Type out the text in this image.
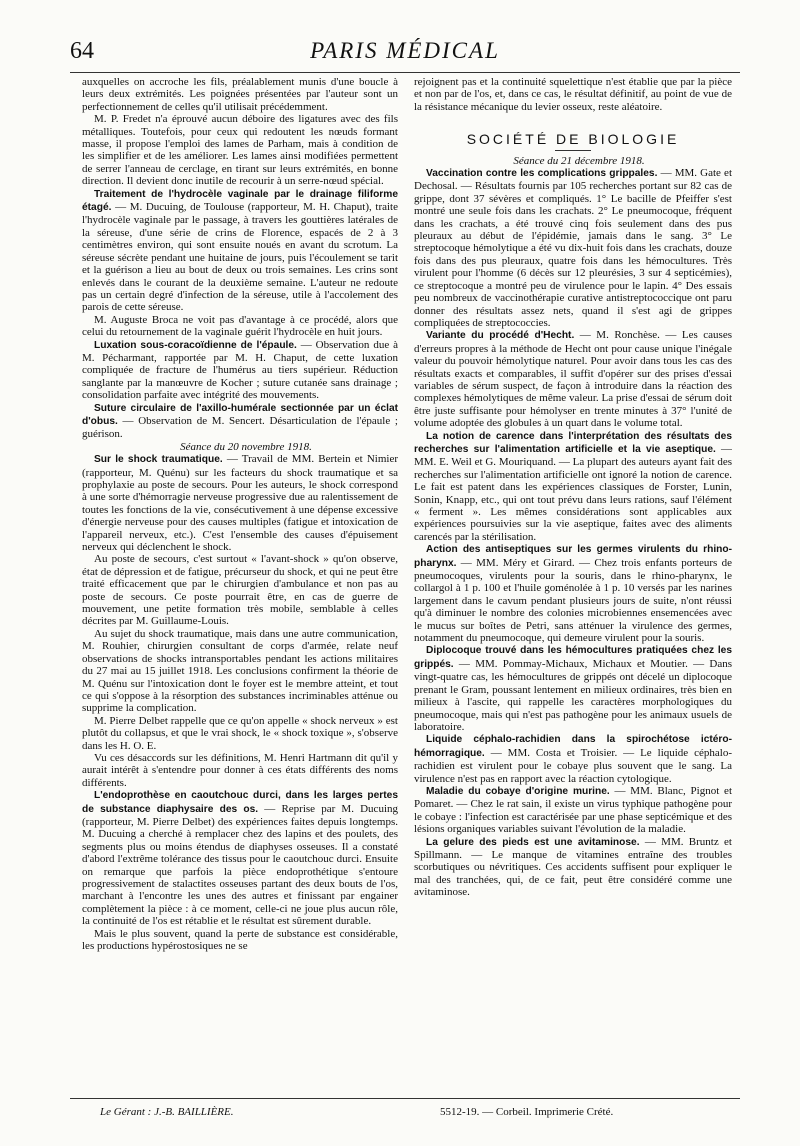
64	PARIS MÉDICAL

auxquelles on accroche les fils, préalablement munis d'une boucle à leurs deux extrémités. Les poignées présentées par l'auteur sont un perfectionnement de celles qu'il utilisait précédemment.

M. P. Fredet n'a éprouvé aucun déboire des ligatures avec des fils métalliques. Toutefois, pour ceux qui redoutent les nœuds formant masse, il propose l'emploi des lames de Parham, mais à condition de les simplifier et de les améliorer. Les lames ainsi modifiées permettent de serrer l'anneau de cerclage, en tirant sur leurs extrémités, en bonne direction. Il devient donc inutile de recourir à un serre-nœud spécial.

Traitement de l'hydrocèle vaginale par le drainage filiforme étagé. — M. Ducuing, de Toulouse (rapporteur, M. H. Chaput), traite l'hydrocèle vaginale par le passage, à travers les gouttières latérales de la séreuse, d'une série de crins de Florence, espacés de 2 à 3 centimètres environ, qui sont ensuite noués en avant du scrotum. La séreuse sécrète pendant une huitaine de jours, puis l'écoulement se tarit et la guérison a lieu au bout de deux ou trois semaines. Les crins sont enlevés dans le courant de la deuxième semaine. L'auteur ne redoute pas un certain degré d'infection de la séreuse, utile à l'accolement des parois de cette séreuse.

M. Auguste Broca ne voit pas d'avantage à ce procédé, alors que celui du retournement de la vaginale guérit l'hydrocèle en huit jours.

Luxation sous-coracoïdienne de l'épaule. — Observation due à M. Pécharmant, rapportée par M. H. Chaput, de cette luxation compliquée de fracture de l'humérus au tiers supérieur. Réduction sanglante par la manœuvre de Kocher ; suture cutanée sans drainage ; consolidation parfaite avec intégrité des mouvements.

Suture circulaire de l'axillo-humérale sectionnée par un éclat d'obus. — Observation de M. Sencert. Désarticulation de l'épaule ; guérison.

Séance du 20 novembre 1918.

Sur le shock traumatique. — Travail de MM. Bertein et Nimier (rapporteur, M. Quénu) sur les facteurs du shock traumatique et sa prophylaxie au poste de secours. Pour les auteurs, le shock correspond à une sorte d'hémorragie nerveuse progressive due au ralentissement de toutes les fonctions de la vie, consécutivement à une dépense excessive d'énergie nerveuse pour des causes multiples (fatigue et intoxication de l'appareil nerveux, etc.). C'est l'ensemble des causes d'épuisement nerveux qui déclenchent le shock.

Au poste de secours, c'est surtout « l'avant-shock » qu'on observe, état de dépression et de fatigue, précurseur du shock, et qui ne peut être traité efficacement que par le chirurgien d'ambulance et non pas au poste de secours. Ce poste pourrait être, en cas de guerre de mouvement, une petite formation très mobile, semblable à celles décrites par M. Guillaume-Louis.

Au sujet du shock traumatique, mais dans une autre communication, M. Rouhier, chirurgien consultant de corps d'armée, relate neuf observations de shocks intransportables pendant les actions militaires du 27 mai au 15 juillet 1918. Les conclusions confirment la théorie de M. Quénu sur l'intoxication dont le foyer est le membre atteint, et tout ce qui s'oppose à la résorption des substances incriminables atténue ou supprime la complication.

M. Pierre Delbet rappelle que ce qu'on appelle « shock nerveux » est plutôt du collapsus, et que le vrai shock, le « shock toxique », s'observe dans les H. O. E.

Vu ces désaccords sur les définitions, M. Henri Hartmann dit qu'il y aurait intérêt à s'entendre pour donner à ces états différents des noms différents.

L'endoprothèse en caoutchouc durci, dans les larges pertes de substance diaphysaire des os. — Reprise par M. Ducuing (rapporteur, M. Pierre Delbet) des expériences faites depuis longtemps. M. Ducuing a cherché à remplacer chez des lapins et des poulets, des segments plus ou moins étendus de diaphyses osseuses. Il a constaté d'abord l'extrême tolérance des tissus pour le caoutchouc durci. Ensuite on remarque que parfois la pièce endoprothétique s'entoure progressivement de stalactites osseuses partant des deux bouts de l'os, marchant à l'encontre les unes des autres et finissant par engainer complètement la pièce : à ce moment, celle-ci ne joue plus aucun rôle, la continuité de l'os est rétablie et le résultat est sûrement durable.

Mais le plus souvent, quand la perte de substance est considérable, les productions hypérostosiques ne se

rejoignent pas et la continuité squelettique n'est établie que par la pièce et non par de l'os, et, dans ce cas, le résultat définitif, au point de vue de la résistance mécanique du levier osseux, reste aléatoire.

SOCIÉTÉ DE BIOLOGIE

Séance du 21 décembre 1918.

Vaccination contre les complications grippales. — MM. Gate et Dechosal. — Résultats fournis par 105 recherches portant sur 82 cas de grippe, dont 37 sévères et compliqués. 1° Le bacille de Pfeiffer s'est montré une seule fois dans les crachats. 2° Le pneumocoque, fréquent dans les crachats, a été trouvé cinq fois seulement dans des pus pleuraux au début de l'épidémie, jamais dans le sang. 3° Le streptocoque hémolytique a été vu dix-huit fois dans les crachats, douze fois dans des pus pleuraux, quatre fois dans les hémocultures. Très virulent pour l'homme (6 décès sur 12 pleurésies, 3 sur 4 septicémies), ce streptocoque a montré peu de virulence pour le lapin. 4° Des essais peu nombreux de vaccinothérapie curative antistreptococcique ont paru donner des résultats assez nets, quand il s'est agi de grippes compliquées de streptococcies.

Variante du procédé d'Hecht. — M. Ronchèse. — Les causes d'erreurs propres à la méthode de Hecht ont pour cause unique l'inégale valeur du pouvoir hémolytique naturel. Pour avoir dans tous les cas des résultats exacts et comparables, il suffit d'opérer sur des prises d'essai variables de sérum suspect, de façon à introduire dans la réaction des complexes hémolytiques de même valeur. La prise d'essai de sérum doit être juste suffisante pour hémolyser en trente minutes à 37° l'unité de volume adoptée des globules à un quart dans le volume total.

La notion de carence dans l'interprétation des résultats des recherches sur l'alimentation artificielle et la vie aseptique. — MM. E. Weil et G. Mouriquand. — La plupart des auteurs ayant fait des recherches sur l'alimentation artificielle ont ignoré la notion de carence. Le fait est patent dans les expériences classiques de Forster, Lunin, Sonin, Knapp, etc., qui ont tout prévu dans leurs rations, sauf l'élément « ferment ». Les mêmes considérations sont applicables aux expériences poursuivies sur la vie aseptique, faites avec des aliments carencés par la stérilisation.

Action des antiseptiques sur les germes virulents du rhino-pharynx. — MM. Méry et Girard. — Chez trois enfants porteurs de pneumocoques, virulents pour la souris, dans le rhino-pharynx, le collargol à 1 p. 100 et l'huile goménolée à 1 p. 10 versés par les narines largement dans le cavum pendant plusieurs jours de suite, n'ont réussi qu'à diminuer le nombre des colonies microbiennes ensemencées avec le mucus sur boîtes de Petri, sans atténuer la virulence des germes, notamment du pneumocoque, qui demeure virulent pour la souris.

Diplocoque trouvé dans les hémocultures pratiquées chez les grippés. — MM. Pommay-Michaux, Michaux et Moutier. — Dans vingt-quatre cas, les hémocultures de grippés ont décelé un diplocoque prenant le Gram, poussant lentement en milieux ordinaires, très bien en milieux à l'ascite, qui rappelle les caractères morphologiques du pneumocoque, mais qui n'est pas pathogène pour les animaux usuels de laboratoire.

Liquide céphalo-rachidien dans la spirochétose ictéro-hémorragique. — MM. Costa et Troisier. — Le liquide céphalo-rachidien est virulent pour le cobaye plus souvent que le sang. La virulence n'est pas en rapport avec la réaction cytologique.

Maladie du cobaye d'origine murine. — MM. Blanc, Pignot et Pomaret. — Chez le rat sain, il existe un virus typhique pathogène pour le cobaye : l'infection est caractérisée par une phase septicémique et des lésions organiques variables suivant l'évolution de la maladie.

La gelure des pieds est une avitaminose. — MM. Bruntz et Spillmann. — Le manque de vitamines entraîne des troubles scorbutiques ou névritiques. Ces accidents suffisent pour expliquer le mal des tranchées, qui, de ce fait, peut être considéré comme une avitaminose.

Le Gérant : J.-B. BAILLIÈRE.	5512-19. — Corbeil. Imprimerie Crété.
